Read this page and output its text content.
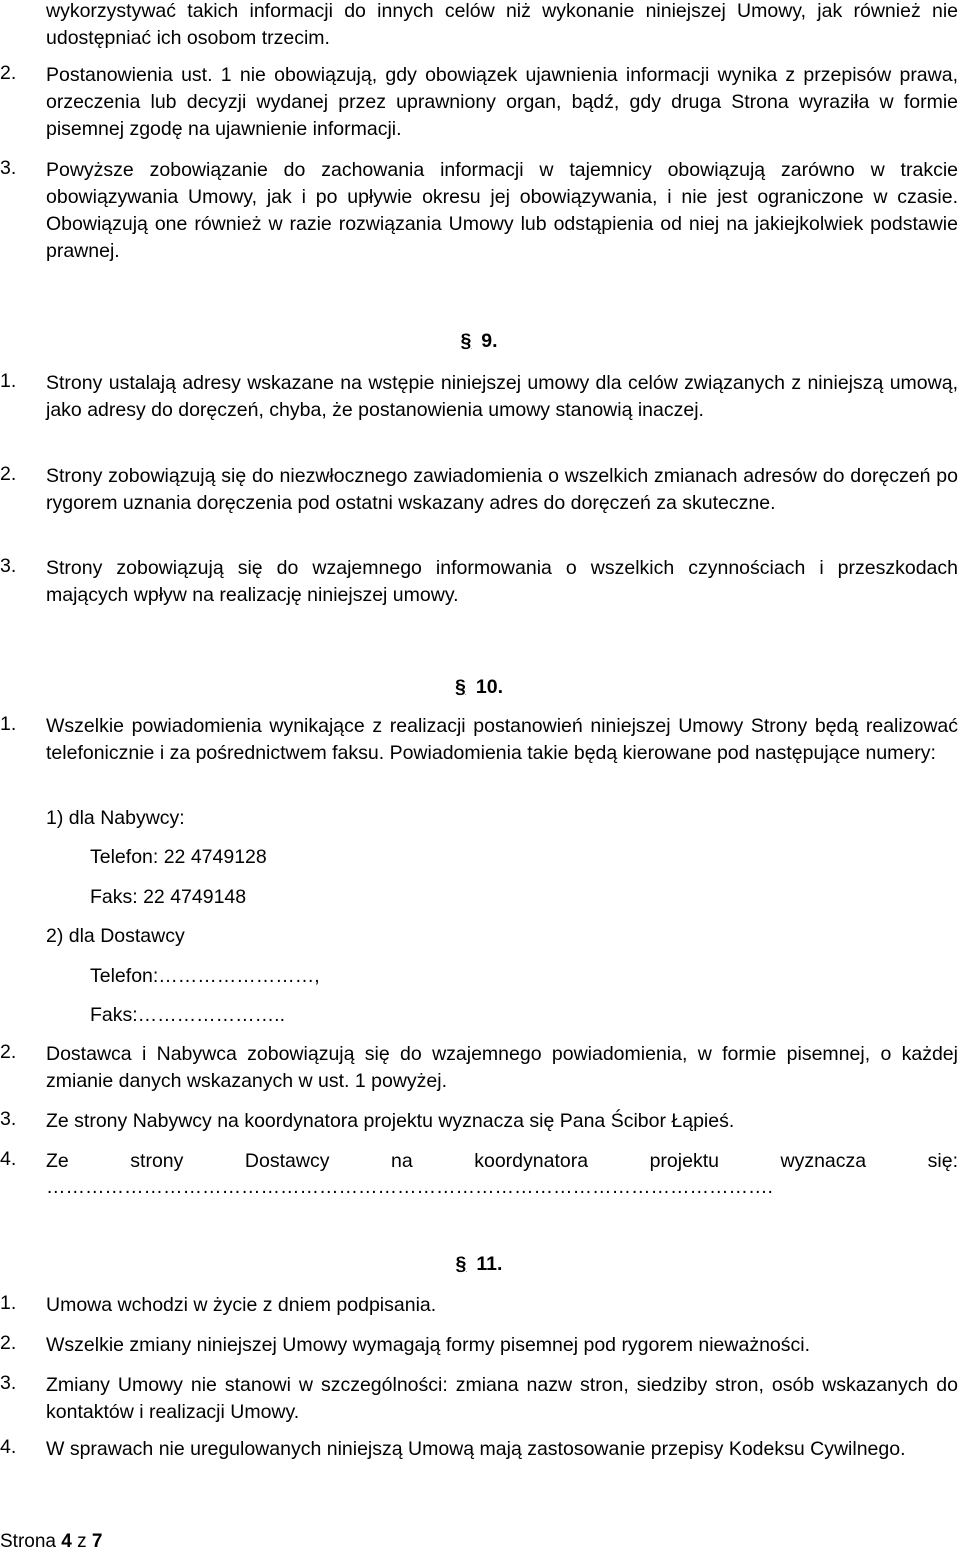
wykorzystywać takich informacji do innych celów niż wykonanie niniejszej Umowy, jak również nie udostępniać ich osobom trzecim.
2. Postanowienia ust. 1 nie obowiązują, gdy obowiązek ujawnienia informacji wynika z przepisów prawa, orzeczenia lub decyzji wydanej przez uprawniony organ, bądź, gdy druga Strona wyraziła w formie pisemnej zgodę na ujawnienie informacji.
3. Powyższe zobowiązanie do zachowania informacji w tajemnicy obowiązują zarówno w trakcie obowiązywania Umowy, jak i po upływie okresu jej obowiązywania, i nie jest ograniczone w czasie. Obowiązują one również w razie rozwiązania Umowy lub odstąpienia od niej na jakiejkolwiek podstawie prawnej.
§ 9.
1. Strony ustalają adresy wskazane na wstępie niniejszej umowy dla celów związanych z niniejszą umową, jako adresy do doręczeń, chyba, że postanowienia umowy stanowią inaczej.
2. Strony zobowiązują się do niezwłocznego zawiadomienia o wszelkich zmianach adresów do doręczeń po rygorem uznania doręczenia pod ostatni wskazany adres do doręczeń za skuteczne.
3. Strony zobowiązują się do wzajemnego informowania o wszelkich czynnościach i przeszkodach mających wpływ na realizację niniejszej umowy.
§ 10.
1. Wszelkie powiadomienia wynikające z realizacji postanowień niniejszej Umowy Strony będą realizować telefonicznie i za pośrednictwem faksu. Powiadomienia takie będą kierowane pod następujące numery:
1) dla Nabywcy:
Telefon: 22 4749128
Faks: 22 4749148
2) dla Dostawcy
Telefon:……………………,
Faks:…………………..
2. Dostawca i Nabywca zobowiązują się do wzajemnego powiadomienia, w formie pisemnej, o każdej zmianie danych wskazanych w ust. 1 powyżej.
3. Ze strony Nabywcy na koordynatora projektu wyznacza się Pana Ścibor Łąpieś.
4. Ze strony Dostawcy na koordynatora projektu wyznacza się:
………………………………………………………………………………………………….
§ 11.
1. Umowa wchodzi w życie z dniem podpisania.
2. Wszelkie zmiany niniejszej Umowy wymagają formy pisemnej pod rygorem nieważności.
3. Zmiany Umowy nie stanowi w szczególności: zmiana nazw stron, siedziby stron, osób wskazanych do kontaktów i realizacji Umowy.
4. W sprawach nie uregulowanych niniejszą Umową mają zastosowanie przepisy Kodeksu Cywilnego.
Strona 4 z 7
